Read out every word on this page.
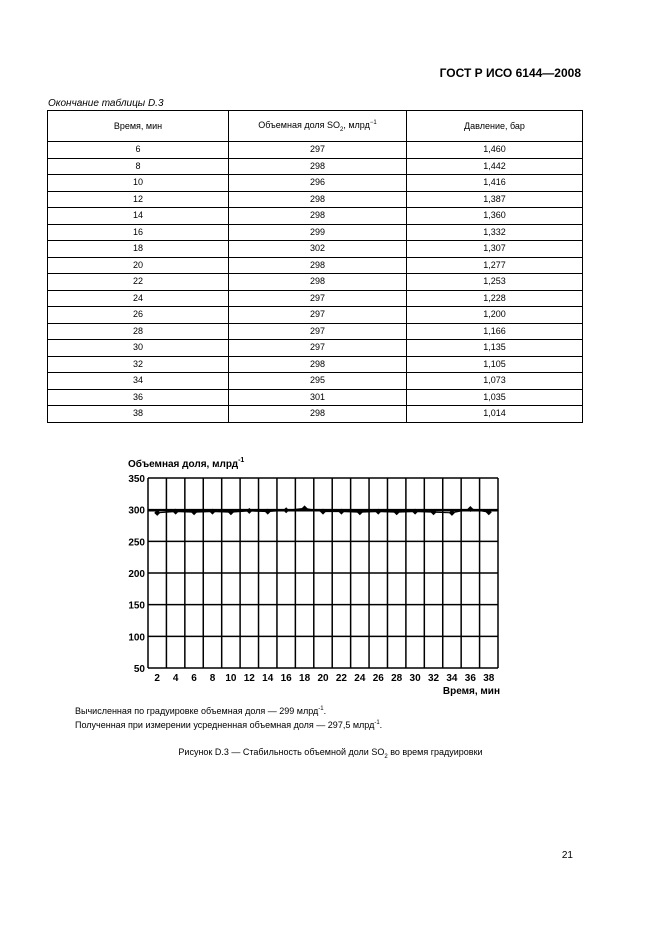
ГОСТ Р ИСО 6144—2008
Окончание таблицы D.3
Время, мин	Объемная доля $SO_2$, млрд$^{-1}$	Давление, бар
6	297	1,460
8	298	1,442
10	296	1,416
12	298	1,387
14	298	1,360
16	299	1,332
18	302	1,307
20	298	1,277
22	298	1,253
24	297	1,228
26	297	1,200
28	297	1,166
30	297	1,135
32	298	1,105
34	295	1,073
36	301	1,035
38	298	1,014
Объемная доля, млрд$^{-1}$
350
300
250
200
150
100
50
2 4 6 8 10 12 14 16 18 20 22 24 26 28 30 32 34 36 38
Время, мин
Вычисленная по градуировке объемная доля — 299 млрд$^{-1}$.
Полученная при измерении усредненная объемная доля — 297,5 млрд$^{-1}$.
Рисунок D.3 — Стабильность объемной доли $SO_2$ во время градуировки
21
